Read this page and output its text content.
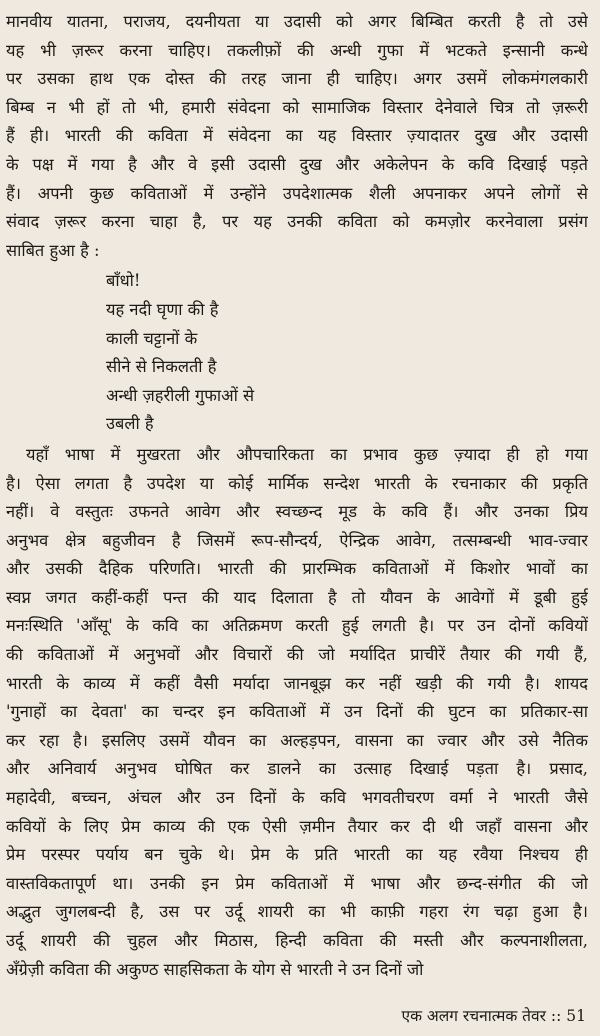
मानवीय यातना, पराजय, दयनीयता या उदासी को अगर बिम्बित करती है तो उसे
यह भी ज़रूर करना चाहिए। तकलीफ़ों की अन्धी गुफा में भटकते इन्सानी कन्धे
पर उसका हाथ एक दोस्त की तरह जाना ही चाहिए। अगर उसमें लोकमंगलकारी
बिम्ब न भी हों तो भी, हमारी संवेदना को सामाजिक विस्तार देनेवाले चित्र तो ज़रूरी
हैं ही। भारती की कविता में संवेदना का यह विस्तार ज़्यादातर दुख और उदासी
के पक्ष में गया है और वे इसी उदासी दुख और अकेलेपन के कवि दिखाई पड़ते
हैं। अपनी कुछ कविताओं में उन्होंने उपदेशात्मक शैली अपनाकर अपने लोगों से
संवाद ज़रूर करना चाहा है, पर यह उनकी कविता को कमज़ोर करनेवाला प्रसंग
साबित हुआ है :
बाँधो!
यह नदी घृणा की है
काली चट्टानों के
सीने से निकलती है
अन्धी ज़हरीली गुफाओं से
उबली है
यहाँ भाषा में मुखरता और औपचारिकता का प्रभाव कुछ ज़्यादा ही हो गया
है। ऐसा लगता है उपदेश या कोई मार्मिक सन्देश भारती के रचनाकार की प्रकृति
नहीं। वे वस्तुतः उफनते आवेग और स्वच्छन्द मूड के कवि हैं। और उनका प्रिय
अनुभव क्षेत्र बहुजीवन है जिसमें रूप-सौन्दर्य, ऐन्द्रिक आवेग, तत्सम्बन्धी भाव-ज्वार
और उसकी दैहिक परिणति। भारती की प्रारम्भिक कविताओं में किशोर भावों का
स्वप्न जगत कहीं-कहीं पन्त की याद दिलाता है तो यौवन के आवेगों में डूबी हुई
मनःस्थिति 'आँसू' के कवि का अतिक्रमण करती हुई लगती है। पर उन दोनों कवियों
की कविताओं में अनुभवों और विचारों की जो मर्यादित प्राचीरें तैयार की गयी हैं,
भारती के काव्य में कहीं वैसी मर्यादा जानबूझ कर नहीं खड़ी की गयी है। शायद
'गुनाहों का देवता' का चन्दर इन कविताओं में उन दिनों की घुटन का प्रतिकार-सा
कर रहा है। इसलिए उसमें यौवन का अल्हड़पन, वासना का ज्वार और उसे नैतिक
और अनिवार्य अनुभव घोषित कर डालने का उत्साह दिखाई पड़ता है। प्रसाद,
महादेवी, बच्चन, अंचल और उन दिनों के कवि भगवतीचरण वर्मा ने भारती जैसे
कवियों के लिए प्रेम काव्य की एक ऐसी ज़मीन तैयार कर दी थी जहाँ वासना और
प्रेम परस्पर पर्याय बन चुके थे। प्रेम के प्रति भारती का यह रवैया निश्चय ही
वास्तविकतापूर्ण था। उनकी इन प्रेम कविताओं में भाषा और छन्द-संगीत की जो
अद्भुत जुगलबन्दी है, उस पर उर्दू शायरी का भी काफ़ी गहरा रंग चढ़ा हुआ है।
उर्दू शायरी की चुहल और मिठास, हिन्दी कविता की मस्ती और कल्पनाशीलता,
अँग्रेज़ी कविता की अकुण्ठ साहसिकता के योग से भारती ने उन दिनों जो
एक अलग रचनात्मक तेवर :: 51
